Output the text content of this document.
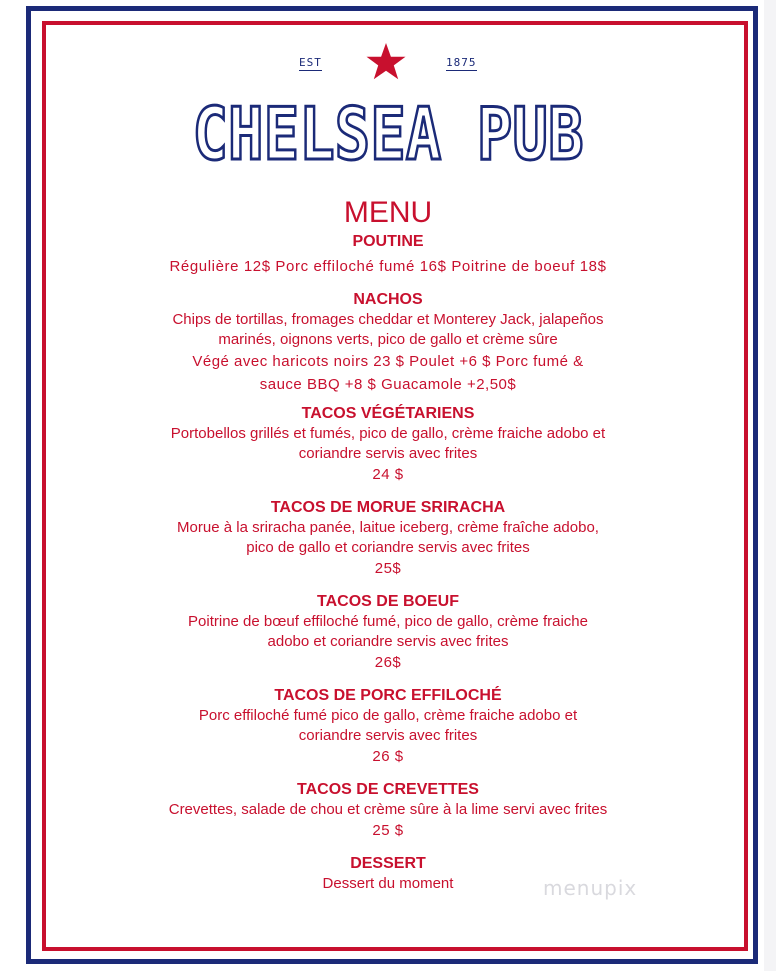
EST	1875
CHELSEA PUB
MENU
POUTINE
Régulière 12$ Porc effiloché fumé 16$ Poitrine de boeuf 18$
NACHOS
Chips de tortillas, fromages cheddar et Monterey Jack, jalapeños
marinés, oignons verts, pico de gallo et crème sûre
Végé avec haricots noirs 23 $ Poulet +6 $ Porc fumé &
sauce BBQ +8 $ Guacamole +2,50$
TACOS VÉGÉTARIENS
Portobellos grillés et fumés, pico de gallo, crème fraiche adobo et
coriandre servis avec frites
24 $
TACOS DE MORUE SRIRACHA
Morue à la sriracha panée, laitue iceberg, crème fraîche adobo,
pico de gallo et coriandre servis avec frites
25$
TACOS DE BOEUF
Poitrine de bœuf effiloché fumé, pico de gallo, crème fraiche
adobo et coriandre servis avec frites
26$
TACOS DE PORC EFFILOCHÉ
Porc effiloché fumé pico de gallo, crème fraiche adobo et
coriandre servis avec frites
26 $
TACOS DE CREVETTES
Crevettes, salade de chou et crème sûre à la lime servi avec frites
25 $
DESSERT
Dessert du moment	menupix
